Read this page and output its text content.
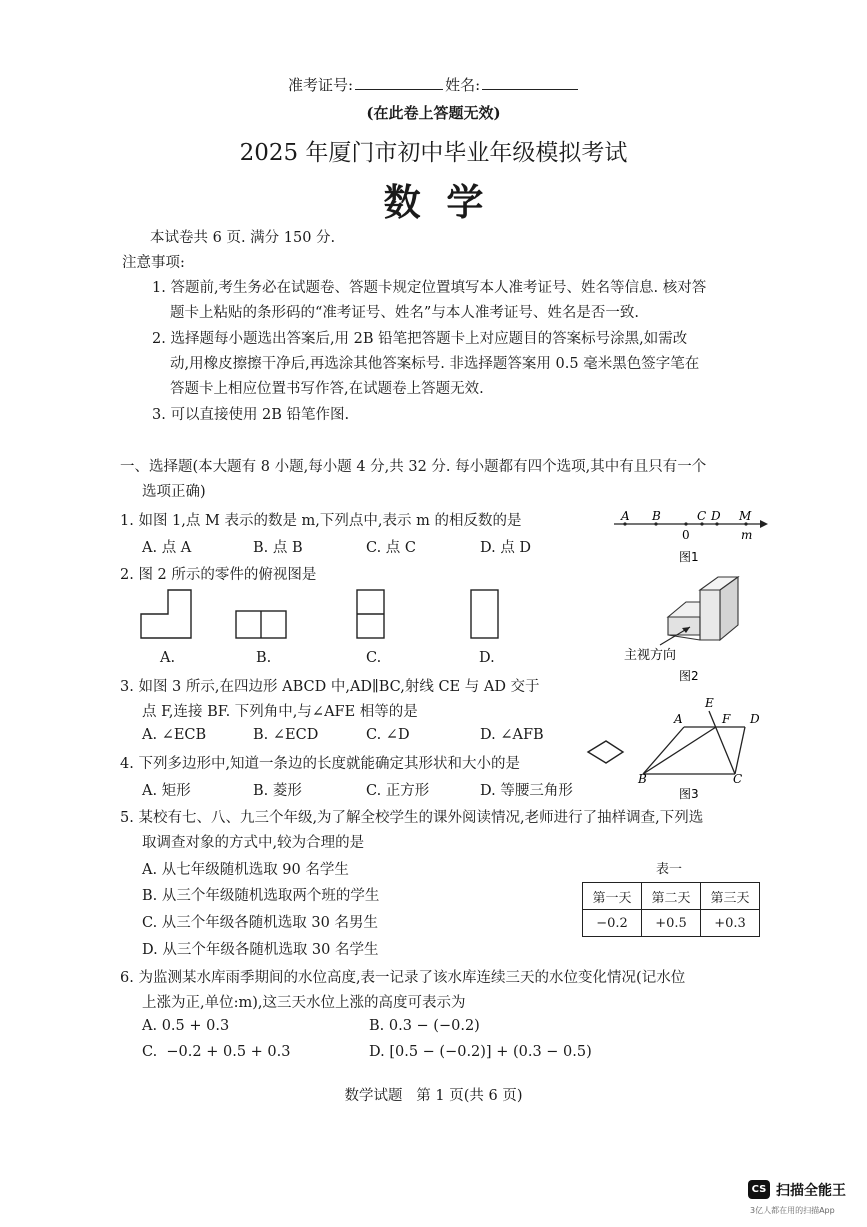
准考证号:	姓名:
(在此卷上答题无效)
2025 年厦门市初中毕业年级模拟考试
数  学
本试卷共 6 页. 满分 150 分.
注意事项:
1. 答题前,考生务必在试题卷、答题卡规定位置填写本人准考证号、姓名等信息. 核对答
题卡上粘贴的条形码的“准考证号、姓名”与本人准考证号、姓名是否一致.
2. 选择题每小题选出答案后,用 2B 铅笔把答题卡上对应题目的答案标号涂黑,如需改
动,用橡皮擦擦干净后,再选涂其他答案标号. 非选择题答案用 0.5 毫米黑色签字笔在
答题卡上相应位置书写作答,在试题卷上答题无效.
3. 可以直接使用 2B 铅笔作图.
一、选择题(本大题有 8 小题,每小题 4 分,共 32 分. 每小题都有四个选项,其中有且只有一个
选项正确)
1. 如图 1,点 M 表示的数是 m,下列点中,表示 m 的相反数的是
A. 点 A	B. 点 B	C. 点 C	D. 点 D
A B	C D M
0	m
图1
主视方向
图2
E
A	F D
B	C
图3
2. 图 2 所示的零件的俯视图是
A.	B.	C.	D.
3. 如图 3 所示,在四边形 ABCD 中,AD∥BC,射线 CE 与 AD 交于
点 F,连接 BF. 下列角中,与∠AFE 相等的是
A. ∠ECB	B. ∠ECD	C. ∠D	D. ∠AFB
4. 下列多边形中,知道一条边的长度就能确定其形状和大小的是
A. 矩形	B. 菱形	C. 正方形	D. 等腰三角形
5. 某校有七、八、九三个年级,为了解全校学生的课外阅读情况,老师进行了抽样调查,下列选
取调查对象的方式中,较为合理的是
A. 从七年级随机选取 90 名学生
B. 从三个年级随机选取两个班的学生
C. 从三个年级各随机选取 30 名男生
D. 从三个年级各随机选取 30 名学生
表一
第一天	第二天	第三天
−0.2	+0.5	+0.3
6. 为监测某水库雨季期间的水位高度,表一记录了该水库连续三天的水位变化情况(记水位
上涨为正,单位:m),这三天水位上涨的高度可表示为
A. 0.5 + 0.3	B. 0.3 − (−0.2)
C.  −0.2 + 0.5 + 0.3	D. [0.5 − (−0.2)] + (0.3 − 0.5)
数学试题   第 1 页(共 6 页)
CS 扫描全能王
3亿人都在用的扫描App
